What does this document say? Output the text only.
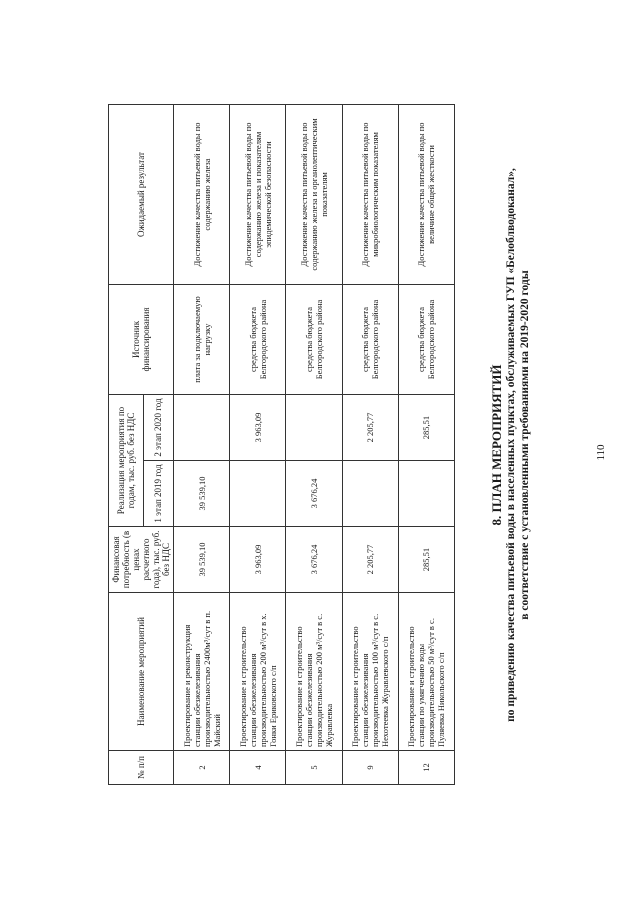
110
8. ПЛАН МЕРОПРИЯТИЙ по приведению качества питьевой воды в населенных пунктах, обслуживаемых ГУП «Белоблводоканал», в соответствие с установленными требованиями на 2019-2020 годы
№ п/п	Наименование мероприятий	Финансовая потребность (в ценах расчетного года), тыс. руб. без НДС	Реализация мероприятия по годам, тыс. руб. без НДС		Источник финансирования	Ожидаемый результат
			1 этап 2019 год	2 этап 2020 год		
2	Проектирование и реконструкция станции обезжелезивания производительностью 2400м³/сут в п. Майский	39 539,10	39 539,10		плата за подключаемую нагрузку	Достижение качества питьевой воды по содержанию железа
4	Проектирование и строительство станции обезжелезивания производительностью 200 м³/сут в х. Гонки Ериковского с/п	3 963,09		3 963,09	средства бюджета Белгородского района	Достижение качества питьевой воды по содержанию железа и показателям эпидемической безопасности
5	Проектирование и строительство станции обезжелезивания производительностью 200 м³/сут в с. Журавлевка	3 676,24	3 676,24		средства бюджета Белгородского района	Достижение качества питьевой воды по содержанию железа и органолептическим показателям
9	Проектирование и строительство станции обезжелезивания производительностью 100 м³/сут в с. Нехотеевка Журавлевского с/п	2 205,77		2 205,77	средства бюджета Белгородского района	Достижение качества питьевой воды по микробиологическим показателям
12	Проектирование и строительство станции по умягчению воды производительностью 50 м³/сут в с. Пуляевка Никольского с/п	285,51		285,51	средства бюджета Белгородского района	Достижение качества питьевой воды по величине общей жесткости
